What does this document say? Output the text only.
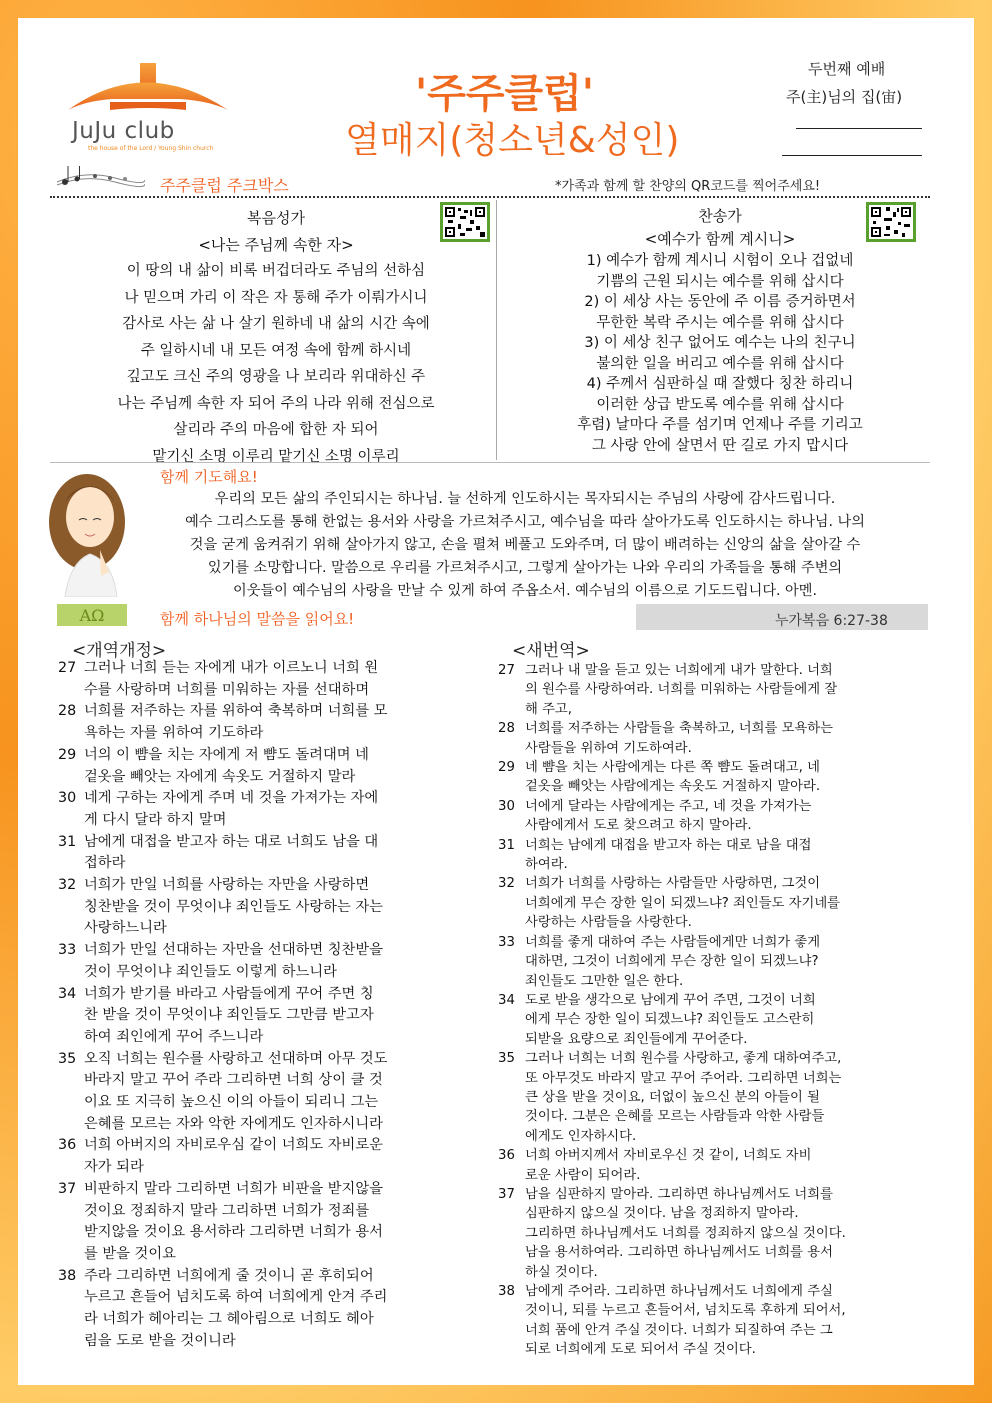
JuJu club
the house of the Lord / Young Shin church
'주주클럽'
열매지(청소년&성인)
두번째 예배
주(主)님의 집(宙)
주주클럽 주크박스	*가족과 함께 할 찬양의 QR코드를 찍어주세요!
복음성가
<나는 주님께 속한 자>
이 땅의 내 삶이 비록 버겁더라도 주님의 선하심
나 믿으며 가리 이 작은 자 통해 주가 이뤄가시니
감사로 사는 삶 나 살기 원하네 내 삶의 시간 속에
주 일하시네 내 모든 여정 속에 함께 하시네
깊고도 크신 주의 영광을 나 보리라 위대하신 주
나는 주님께 속한 자 되어 주의 나라 위해 전심으로
살리라 주의 마음에 합한 자 되어
맡기신 소명 이루리 맡기신 소명 이루리
찬송가
<예수가 함께 계시니>
1) 예수가 함께 계시니 시험이 오나 겁없네
기쁨의 근원 되시는 예수를 위해 삽시다
2) 이 세상 사는 동안에 주 이름 증거하면서
무한한 복락 주시는 예수를 위해 삽시다
3) 이 세상 친구 없어도 예수는 나의 친구니
불의한 일을 버리고 예수를 위해 삽시다
4) 주께서 심판하실 때 잘했다 칭찬 하리니
이러한 상급 받도록 예수를 위해 삽시다
후렴) 날마다 주를 섬기며 언제나 주를 기리고
그 사랑 안에 살면서 딴 길로 가지 맙시다
함께 기도해요!
우리의 모든 삶의 주인되시는 하나님. 늘 선하게 인도하시는 목자되시는 주님의 사랑에 감사드립니다.
예수 그리스도를 통해 한없는 용서와 사랑을 가르쳐주시고, 예수님을 따라 살아가도록 인도하시는 하나님. 나의
것을 굳게 움켜쥐기 위해 살아가지 않고, 손을 펼쳐 베풀고 도와주며, 더 많이 배려하는 신앙의 삶을 살아갈 수
있기를 소망합니다. 말씀으로 우리를 가르쳐주시고, 그렇게 살아가는 나와 우리의 가족들을 통해 주변의
이웃들이 예수님의 사랑을 만날 수 있게 하여 주옵소서. 예수님의 이름으로 기도드립니다. 아멘.
ΑΩ	함께 하나님의 말씀을 읽어요!	누가복음 6:27-38
<개역개정>	<새번역>
27 그러나 너희 듣는 자에게 내가 이르노니 너희 원
수를 사랑하며 너희를 미워하는 자를 선대하며
28 너희를 저주하는 자를 위하여 축복하며 너희를 모
욕하는 자를 위하여 기도하라
29 너의 이 뺨을 치는 자에게 저 뺨도 돌려대며 네
겉옷을 빼앗는 자에게 속옷도 거절하지 말라
30 네게 구하는 자에게 주며 네 것을 가져가는 자에
게 다시 달라 하지 말며
31 남에게 대접을 받고자 하는 대로 너희도 남을 대
접하라
32 너희가 만일 너희를 사랑하는 자만을 사랑하면
칭찬받을 것이 무엇이냐 죄인들도 사랑하는 자는
사랑하느니라
33 너희가 만일 선대하는 자만을 선대하면 칭찬받을
것이 무엇이냐 죄인들도 이렇게 하느니라
34 너희가 받기를 바라고 사람들에게 꾸어 주면 칭
찬 받을 것이 무엇이냐 죄인들도 그만큼 받고자
하여 죄인에게 꾸어 주느니라
35 오직 너희는 원수를 사랑하고 선대하며 아무 것도
바라지 말고 꾸어 주라 그리하면 너희 상이 클 것
이요 또 지극히 높으신 이의 아들이 되리니 그는
은혜를 모르는 자와 악한 자에게도 인자하시니라
36 너희 아버지의 자비로우심 같이 너희도 자비로운
자가 되라
37 비판하지 말라 그리하면 너희가 비판을 받지않을
것이요 정죄하지 말라 그리하면 너희가 정죄를
받지않을 것이요 용서하라 그리하면 너희가 용서
를 받을 것이요
38 주라 그리하면 너희에게 줄 것이니 곧 후히되어
누르고 흔들어 넘치도록 하여 너희에게 안겨 주리
라 너희가 헤아리는 그 헤아림으로 너희도 헤아
림을 도로 받을 것이니라
27 그러나 내 말을 듣고 있는 너희에게 내가 말한다. 너희
의 원수를 사랑하여라. 너희를 미워하는 사람들에게 잘
해 주고,
28 너희를 저주하는 사람들을 축복하고, 너희를 모욕하는
사람들을 위하여 기도하여라.
29 네 뺨을 치는 사람에게는 다른 쪽 뺨도 돌려대고, 네
겉옷을 빼앗는 사람에게는 속옷도 거절하지 말아라.
30 너에게 달라는 사람에게는 주고, 네 것을 가져가는
사람에게서 도로 찾으려고 하지 말아라.
31 너희는 남에게 대접을 받고자 하는 대로 남을 대접
하여라.
32 너희가 너희를 사랑하는 사람들만 사랑하면, 그것이
너희에게 무슨 장한 일이 되겠느냐? 죄인들도 자기네를
사랑하는 사람들을 사랑한다.
33 너희를 좋게 대하여 주는 사람들에게만 너희가 좋게
대하면, 그것이 너희에게 무슨 장한 일이 되겠느냐?
죄인들도 그만한 일은 한다.
34 도로 받을 생각으로 남에게 꾸어 주면, 그것이 너희
에게 무슨 장한 일이 되겠느냐? 죄인들도 고스란히
되받을 요량으로 죄인들에게 꾸어준다.
35 그러나 너희는 너희 원수를 사랑하고, 좋게 대하여주고,
또 아무것도 바라지 말고 꾸어 주어라. 그리하면 너희는
큰 상을 받을 것이요, 더없이 높으신 분의 아들이 될
것이다. 그분은 은혜를 모르는 사람들과 악한 사람들
에게도 인자하시다.
36 너희 아버지께서 자비로우신 것 같이, 너희도 자비
로운 사람이 되어라.
37 남을 심판하지 말아라. 그리하면 하나님께서도 너희를
심판하지 않으실 것이다. 남을 정죄하지 말아라.
그리하면 하나님께서도 너희를 정죄하지 않으실 것이다.
남을 용서하여라. 그리하면 하나님께서도 너희를 용서
하실 것이다.
38 남에게 주어라. 그리하면 하나님께서도 너희에게 주실
것이니, 되를 누르고 흔들어서, 넘치도록 후하게 되어서,
너희 품에 안겨 주실 것이다. 너희가 되질하여 주는 그
되로 너희에게 도로 되어서 주실 것이다.
